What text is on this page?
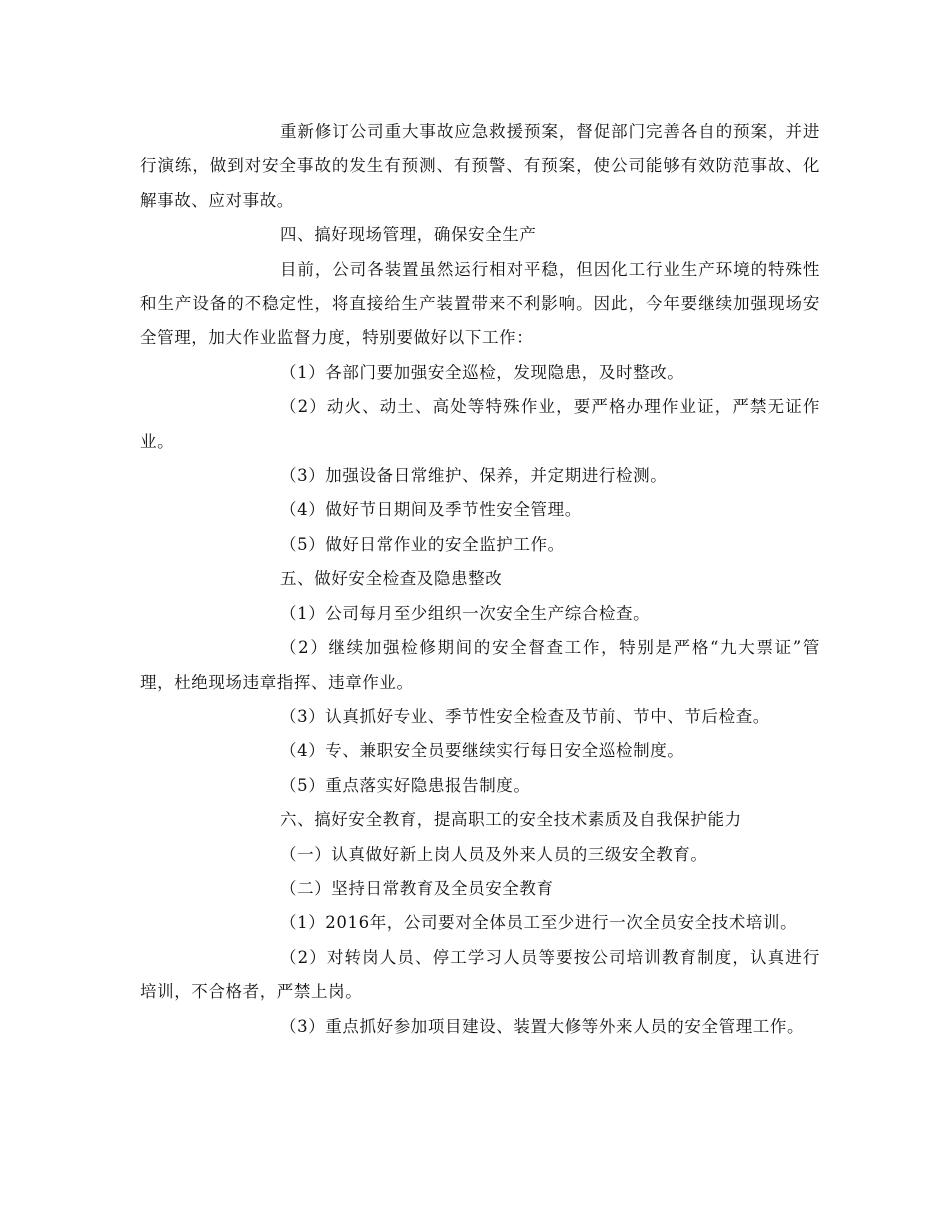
重新修订公司重大事故应急救援预案，督促部门完善各自的预案，并进行演练，做到对安全事故的发生有预测、有预警、有预案，使公司能够有效防范事故、化解事故、应对事故。

四、搞好现场管理，确保安全生产

目前，公司各装置虽然运行相对平稳，但因化工行业生产环境的特殊性和生产设备的不稳定性，将直接给生产装置带来不利影响。因此，今年要继续加强现场安全管理，加大作业监督力度，特别要做好以下工作：

（1）各部门要加强安全巡检，发现隐患，及时整改。

（2）动火、动土、高处等特殊作业，要严格办理作业证，严禁无证作业。

（3）加强设备日常维护、保养，并定期进行检测。

（4）做好节日期间及季节性安全管理。

（5）做好日常作业的安全监护工作。

五、做好安全检查及隐患整改

（1）公司每月至少组织一次安全生产综合检查。

（2）继续加强检修期间的安全督查工作，特别是严格“九大票证”管理，杜绝现场违章指挥、违章作业。

（3）认真抓好专业、季节性安全检查及节前、节中、节后检查。

（4）专、兼职安全员要继续实行每日安全巡检制度。

（5）重点落实好隐患报告制度。

六、搞好安全教育，提高职工的安全技术素质及自我保护能力

（一）认真做好新上岗人员及外来人员的三级安全教育。

（二）坚持日常教育及全员安全教育

（1）2016年，公司要对全体员工至少进行一次全员安全技术培训。

（2）对转岗人员、停工学习人员等要按公司培训教育制度，认真进行培训，不合格者，严禁上岗。

（3）重点抓好参加项目建设、装置大修等外来人员的安全管理工作。
